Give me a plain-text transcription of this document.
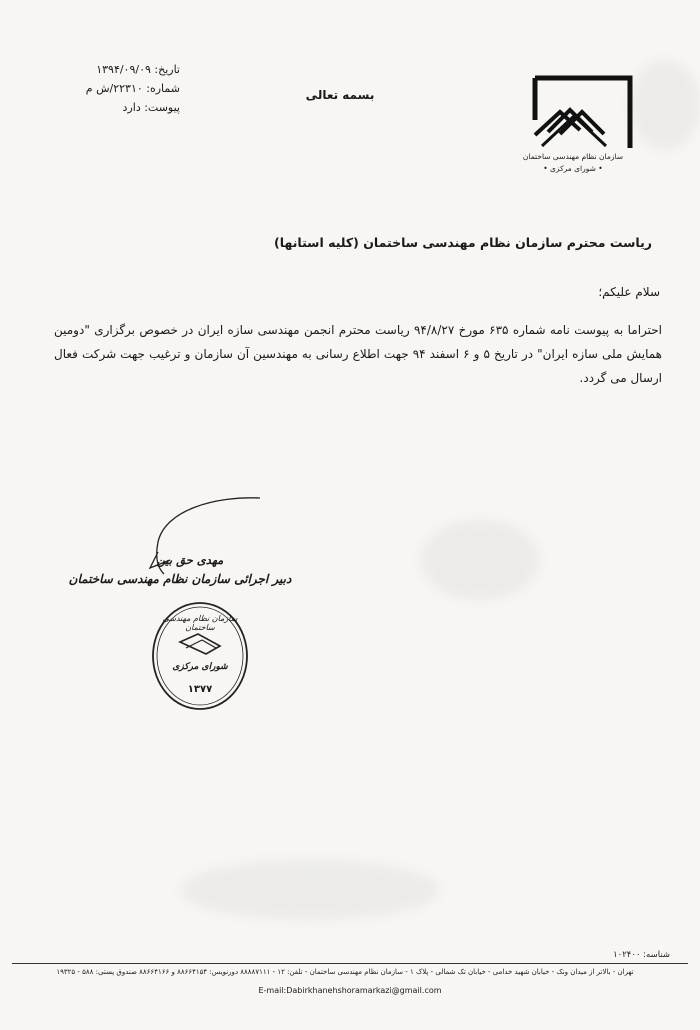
تاریخ: ۱۳۹۴/۰۹/۰۹
شماره: ۲۲۳۱۰/ش م
پیوست: دارد
بسمه تعالی
سازمان نظام مهندسی ساختمان
• شورای مرکزی •
ریاست محترم سازمان نظام مهندسی ساختمان (کلیه استانها)
سلام علیکم؛
احتراما به پیوست نامه شماره ۶۳۵ مورخ ۹۴/۸/۲۷ ریاست محترم انجمن مهندسی سازه ایران در خصوص برگزاری "دومین همایش ملی سازه ایران" در تاریخ ۵ و ۶ اسفند ۹۴ جهت اطلاع رسانی به مهندسین آن سازمان و ترغیب جهت شرکت فعال ارسال می گردد.
مهدی حق بین
دبیر اجرائی سازمان نظام مهندسی ساختمان
سازمان نظام مهندسی ساختمان
شورای مرکزی
۱۳۷۷
شناسه: ۱۰۲۴۰۰
تهران - بالاتر از میدان ونک - خیابان شهید خدامی - خیابان تک شمالی - پلاک ۱ - سازمان نظام مهندسی ساختمان - تلفن: ۱۲ - ۸۸۸۸۷۱۱۱ دورنویس: ۸۸۶۶۴۱۵۴ و ۸۸۶۶۴۱۶۶ صندوق پستی: ۵۸۸ - ۱۹۳۲۵
E-mail:Dabirkhanehshoramarkazi@gmail.com
